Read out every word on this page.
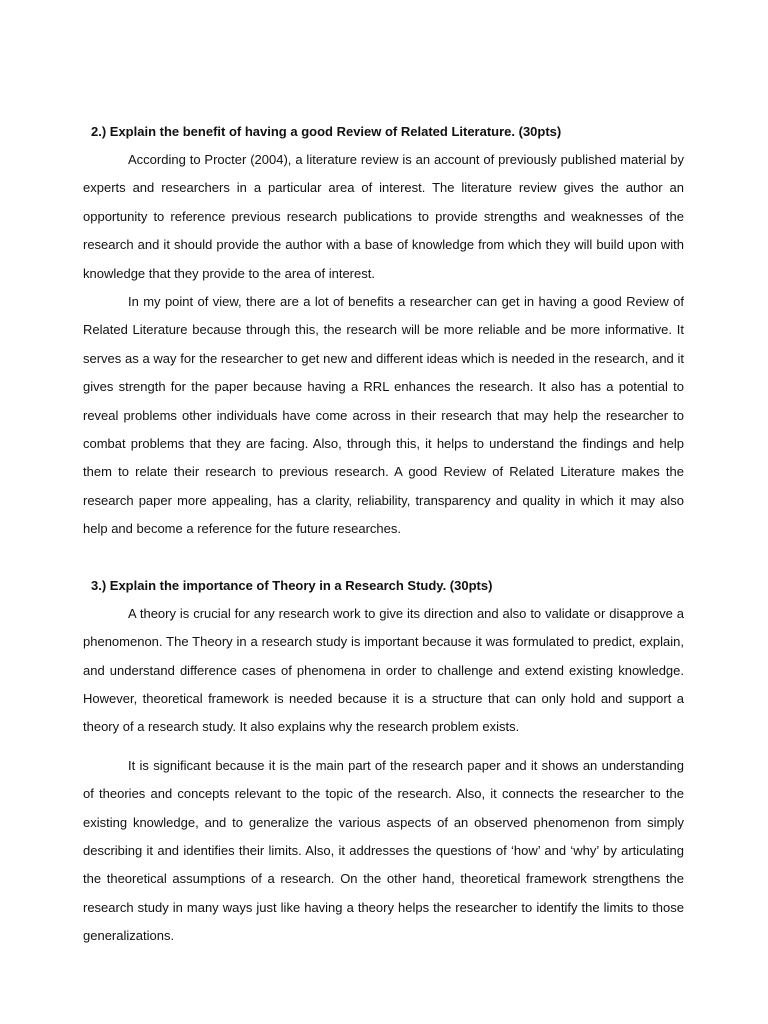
2.) Explain the benefit of having a good Review of Related Literature. (30pts)

According to Procter (2004), a literature review is an account of previously published material by experts and researchers in a particular area of interest. The literature review gives the author an opportunity to reference previous research publications to provide strengths and weaknesses of the research and it should provide the author with a base of knowledge from which they will build upon with knowledge that they provide to the area of interest.

In my point of view, there are a lot of benefits a researcher can get in having a good Review of Related Literature because through this, the research will be more reliable and be more informative. It serves as a way for the researcher to get new and different ideas which is needed in the research, and it gives strength for the paper because having a RRL enhances the research. It also has a potential to reveal problems other individuals have come across in their research that may help the researcher to combat problems that they are facing. Also, through this, it helps to understand the findings and help them to relate their research to previous research. A good Review of Related Literature makes the research paper more appealing, has a clarity, reliability, transparency and quality in which it may also help and become a reference for the future researches.

3.) Explain the importance of Theory in a Research Study. (30pts)

A theory is crucial for any research work to give its direction and also to validate or disapprove a phenomenon. The Theory in a research study is important because it was formulated to predict, explain, and understand difference cases of phenomena in order to challenge and extend existing knowledge. However, theoretical framework is needed because it is a structure that can only hold and support a theory of a research study. It also explains why the research problem exists.

It is significant because it is the main part of the research paper and it shows an understanding of theories and concepts relevant to the topic of the research. Also, it connects the researcher to the existing knowledge, and to generalize the various aspects of an observed phenomenon from simply describing it and identifies their limits. Also, it addresses the questions of ‘how’ and ‘why’ by articulating the theoretical assumptions of a research. On the other hand, theoretical framework strengthens the research study in many ways just like having a theory helps the researcher to identify the limits to those generalizations.
